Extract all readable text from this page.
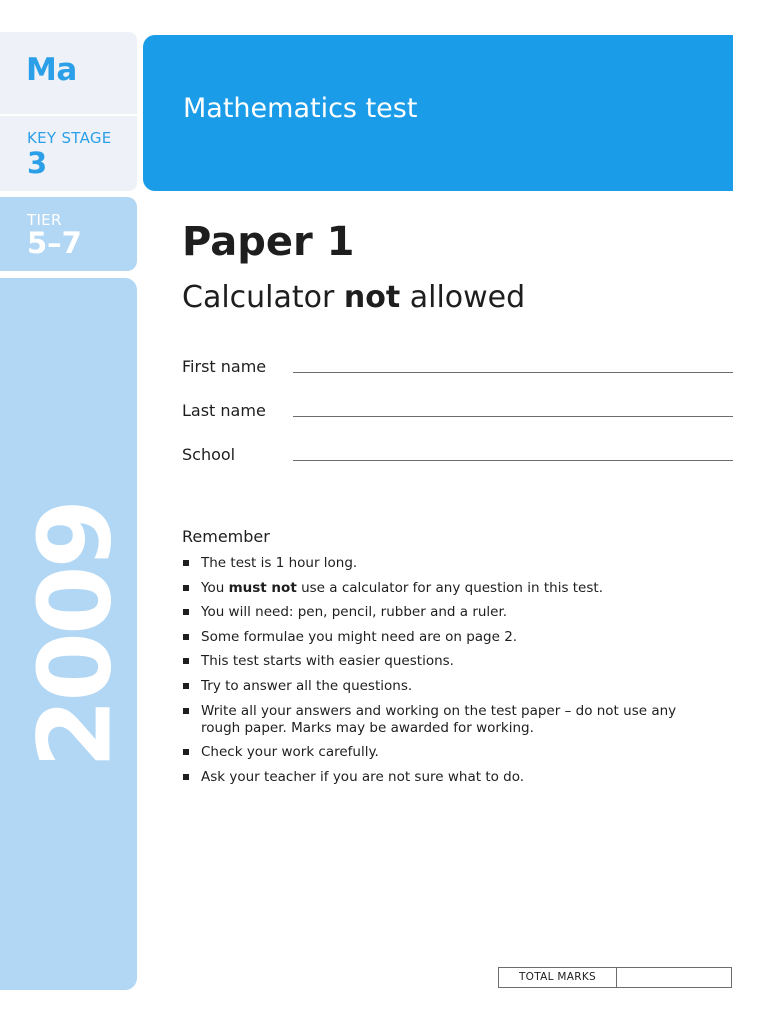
Ma
KEY STAGE
3
TIER
5–7
2009
Mathematics test
Paper 1
Calculator not allowed
First name
Last name
School
Remember
The test is 1 hour long.
You must not use a calculator for any question in this test.
You will need: pen, pencil, rubber and a ruler.
Some formulae you might need are on page 2.
This test starts with easier questions.
Try to answer all the questions.
Write all your answers and working on the test paper – do not use any rough paper. Marks may be awarded for working.
Check your work carefully.
Ask your teacher if you are not sure what to do.
TOTAL MARKS
